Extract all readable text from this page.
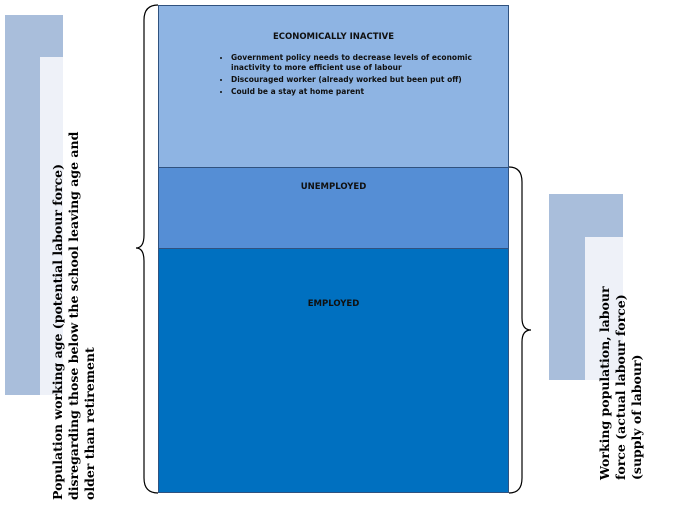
Population working age (potential labour force) disregarding those below the school leaving age and older than retirement
ECONOMICALLY INACTIVE
• Government policy needs to decrease levels of economic inactivity to more efficient use of labour
• Discouraged worker (already worked but been put off)
• Could be a stay at home parent
UNEMPLOYED
EMPLOYED	Working population, labour force (actual labour force) (supply of labour)
